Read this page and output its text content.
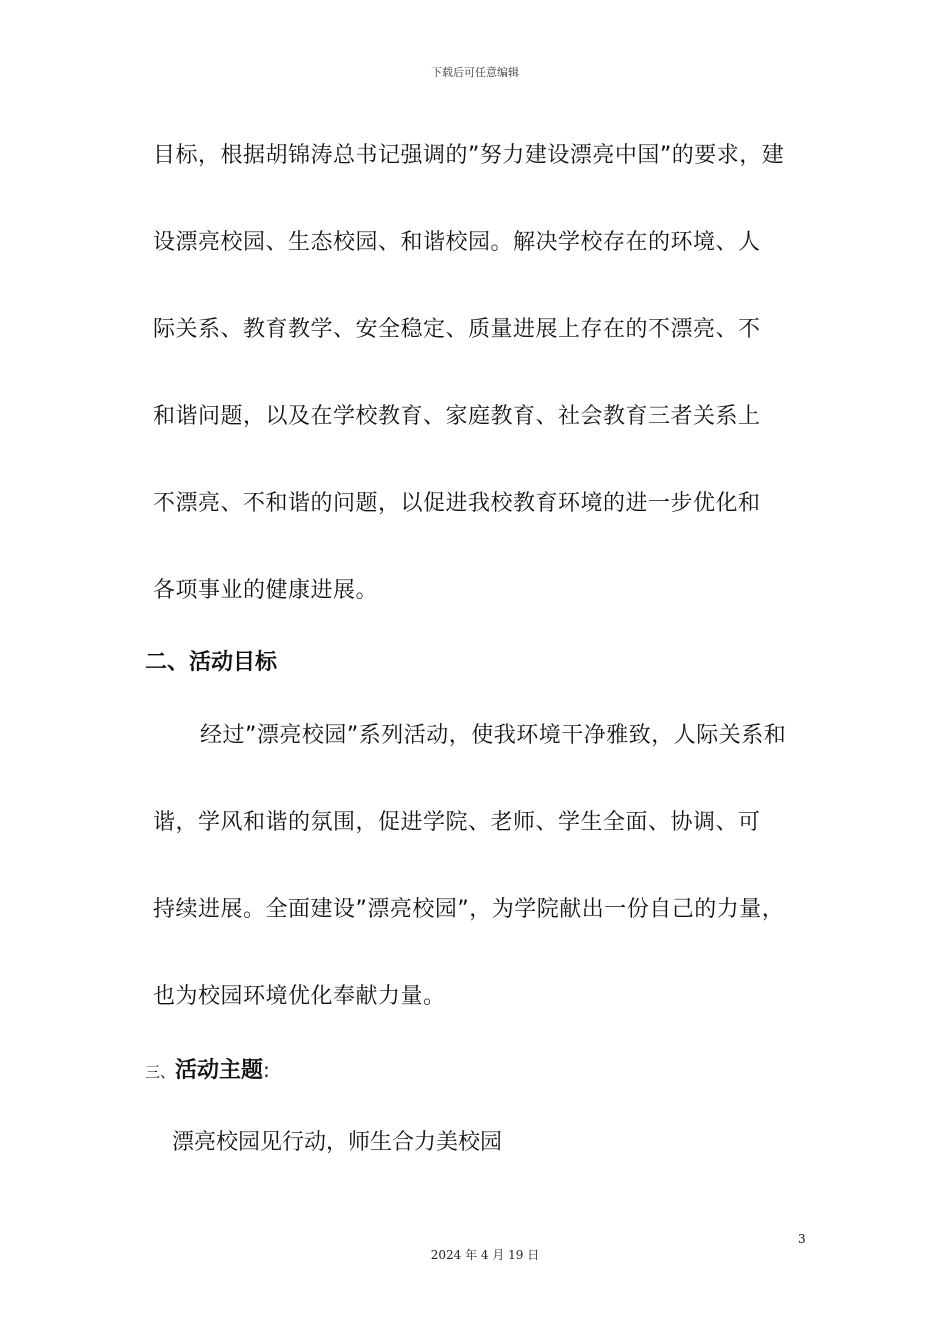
下载后可任意编辑
目标，根据胡锦涛总书记强调的”努力建设漂亮中国”的要求，建
设漂亮校园、生态校园、和谐校园。解决学校存在的环境、人
际关系、教育教学、安全稳定、质量进展上存在的不漂亮、不
和谐问题，以及在学校教育、家庭教育、社会教育三者关系上
不漂亮、不和谐的问题，以促进我校教育环境的进一步优化和
各项事业的健康进展。
二、活动目标
经过”漂亮校园”系列活动，使我环境干净雅致，人际关系和
谐，学风和谐的氛围，促进学院、老师、学生全面、协调、可
持续进展。全面建设”漂亮校园”，为学院献出一份自己的力量，
也为校园环境优化奉献力量。
三、活动主题:
漂亮校园见行动，师生合力美校园
3
2024 年 4 月 19 日
